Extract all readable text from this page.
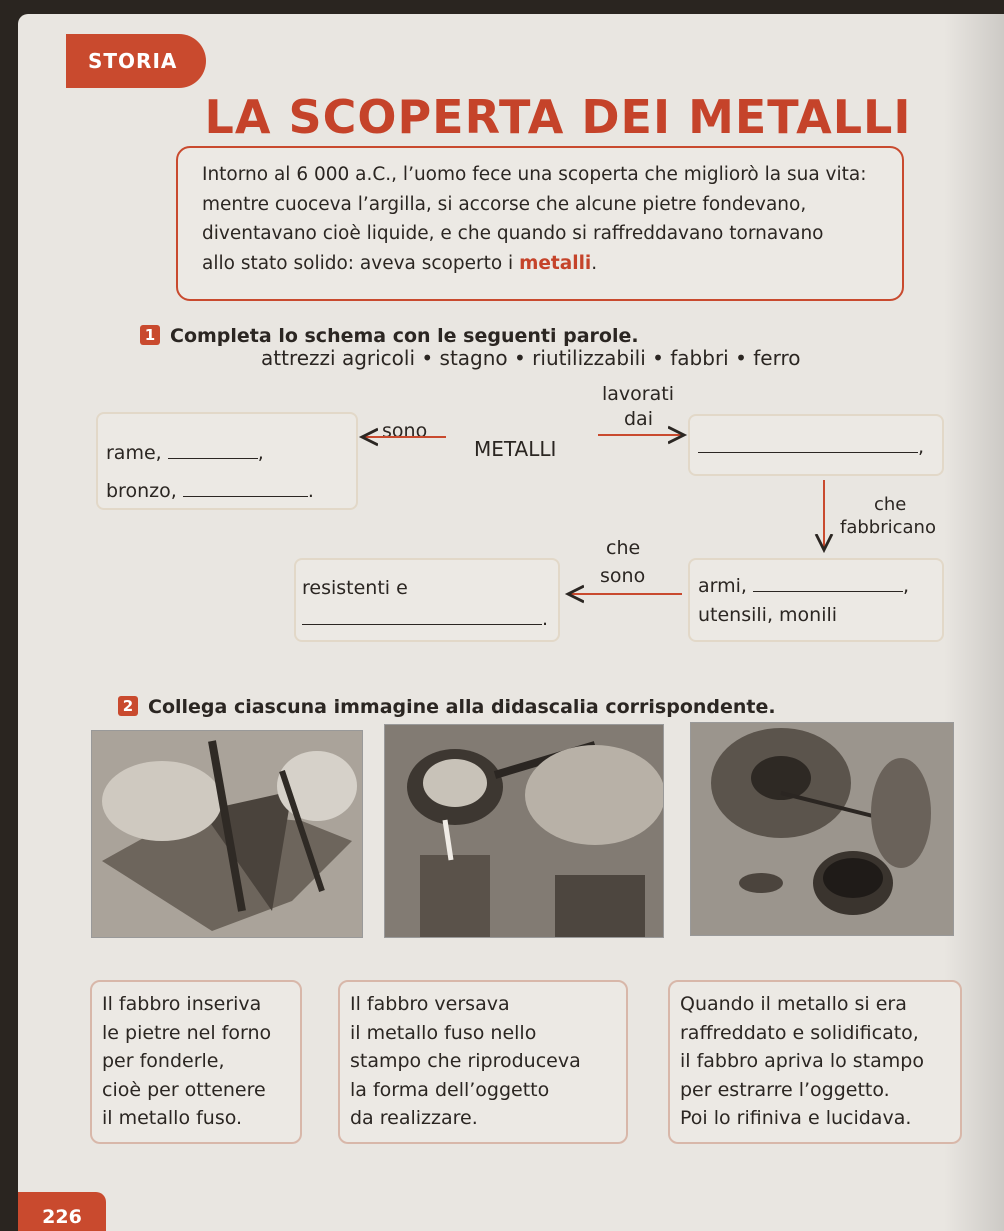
STORIA
LA SCOPERTA DEI METALLI
Intorno al 6 000 a.C., l’uomo fece una scoperta che migliorò la sua vita:
mentre cuoceva l’argilla, si accorse che alcune pietre fondevano,
diventavano cioè liquide, e che quando si raffreddavano tornavano
allo stato solido: aveva scoperto i metalli.
1 Completa lo schema con le seguenti parole.
attrezzi agricoli • stagno • riutilizzabili • fabbri • ferro
rame,	,
bronzo,	.
METALLI	,
sono
lavorati
dai
che
fabbricano
che
sono	armi,	,
utensili, monili
resistenti e
.
2 Collega ciascuna immagine alla didascalia corrispondente.
Il fabbro inseriva
le pietre nel forno
per fonderle,
cioè per ottenere
il metallo fuso.
Il fabbro versava
il metallo fuso nello
stampo che riproduceva
la forma dell’oggetto
da realizzare.
Quando il metallo si era
raffreddato e solidificato,
il fabbro apriva lo stampo
per estrarre l’oggetto.
Poi lo rifiniva e lucidava.
226
